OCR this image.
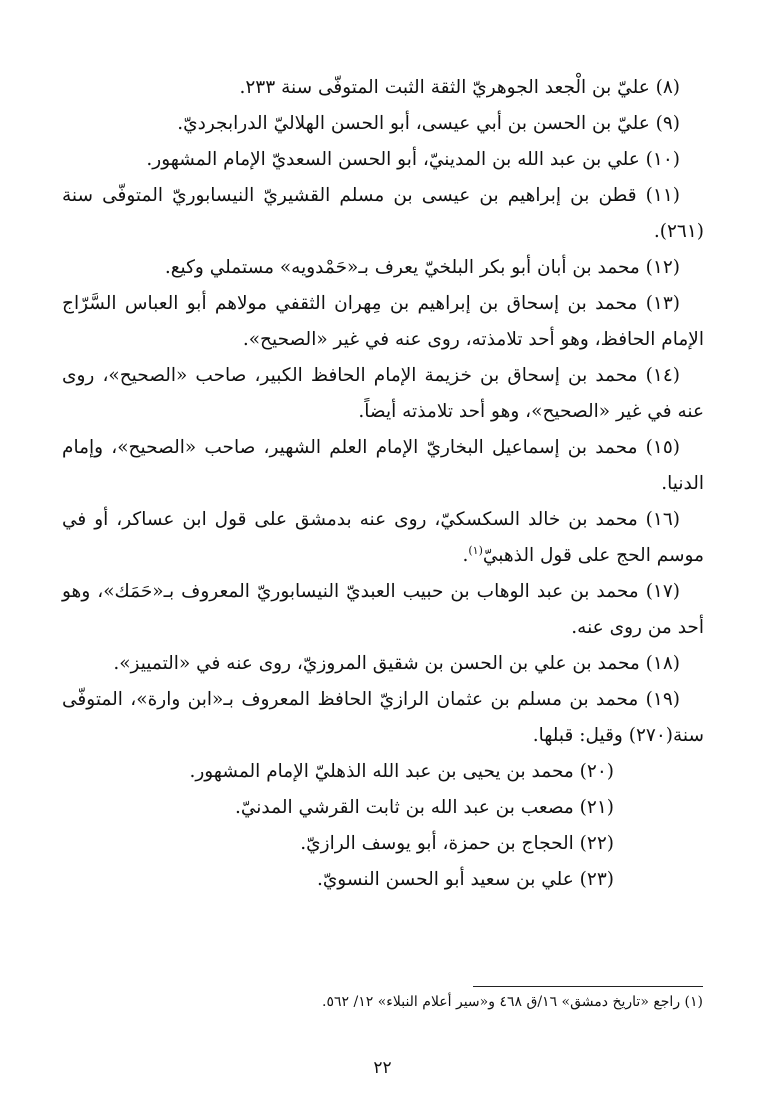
(٨) عليّ بن الْجعد الجوهريّ الثقة الثبت المتوفّى سنة ٢٣٣.

(٩) عليّ بن الحسن بن أبي عيسى، أبو الحسن الهلاليّ الدرابجرديّ.

(١٠) علي بن عبد الله بن المدينيّ، أبو الحسن السعديّ الإمام المشهور.

(١١) قطن بن إبراهيم بن عيسى بن مسلم القشيريّ النيسابوريّ المتوفّى سنة (٢٦١).

(١٢) محمد بن أبان أبو بكر البلخيّ يعرف بـ«حَمْدويه» مستملي وكيع.

(١٣) محمد بن إسحاق بن إبراهيم بن مِهران الثقفي مولاهم أبو العباس السَّرّاج الإمام الحافظ، وهو أحد تلامذته، روى عنه في غير «الصحيح».

(١٤) محمد بن إسحاق بن خزيمة الإمام الحافظ الكبير، صاحب «الصحيح»، روى عنه في غير «الصحيح»، وهو أحد تلامذته أيضاً.

(١٥) محمد بن إسماعيل البخاريّ الإمام العلم الشهير، صاحب «الصحيح»، وإمام الدنيا.

(١٦) محمد بن خالد السكسكيّ، روى عنه بدمشق على قول ابن عساكر، أو في موسم الحج على قول الذهبيّ$^{(١)}$.

(١٧) محمد بن عبد الوهاب بن حبيب العبديّ النيسابوريّ المعروف بـ«حَمَك»، وهو أحد من روى عنه.

(١٨) محمد بن علي بن الحسن بن شقيق المروزيّ، روى عنه في «التمييز».

(١٩) محمد بن مسلم بن عثمان الرازيّ الحافظ المعروف بـ«ابن وارة»، المتوفّى سنة(٢٧٠) وقيل: قبلها.

(٢٠) محمد بن يحيى بن عبد الله الذهليّ الإمام المشهور.

(٢١) مصعب بن عبد الله بن ثابت القرشي المدنيّ.

(٢٢) الحجاج بن حمزة، أبو يوسف الرازيّ.

(٢٣) علي بن سعيد أبو الحسن النسويّ.

(١) راجع «تاريخ دمشق» ١٦/ق ٤٦٨ و«سير أعلام النبلاء» ١٢/ ٥٦٢.
٢٢
